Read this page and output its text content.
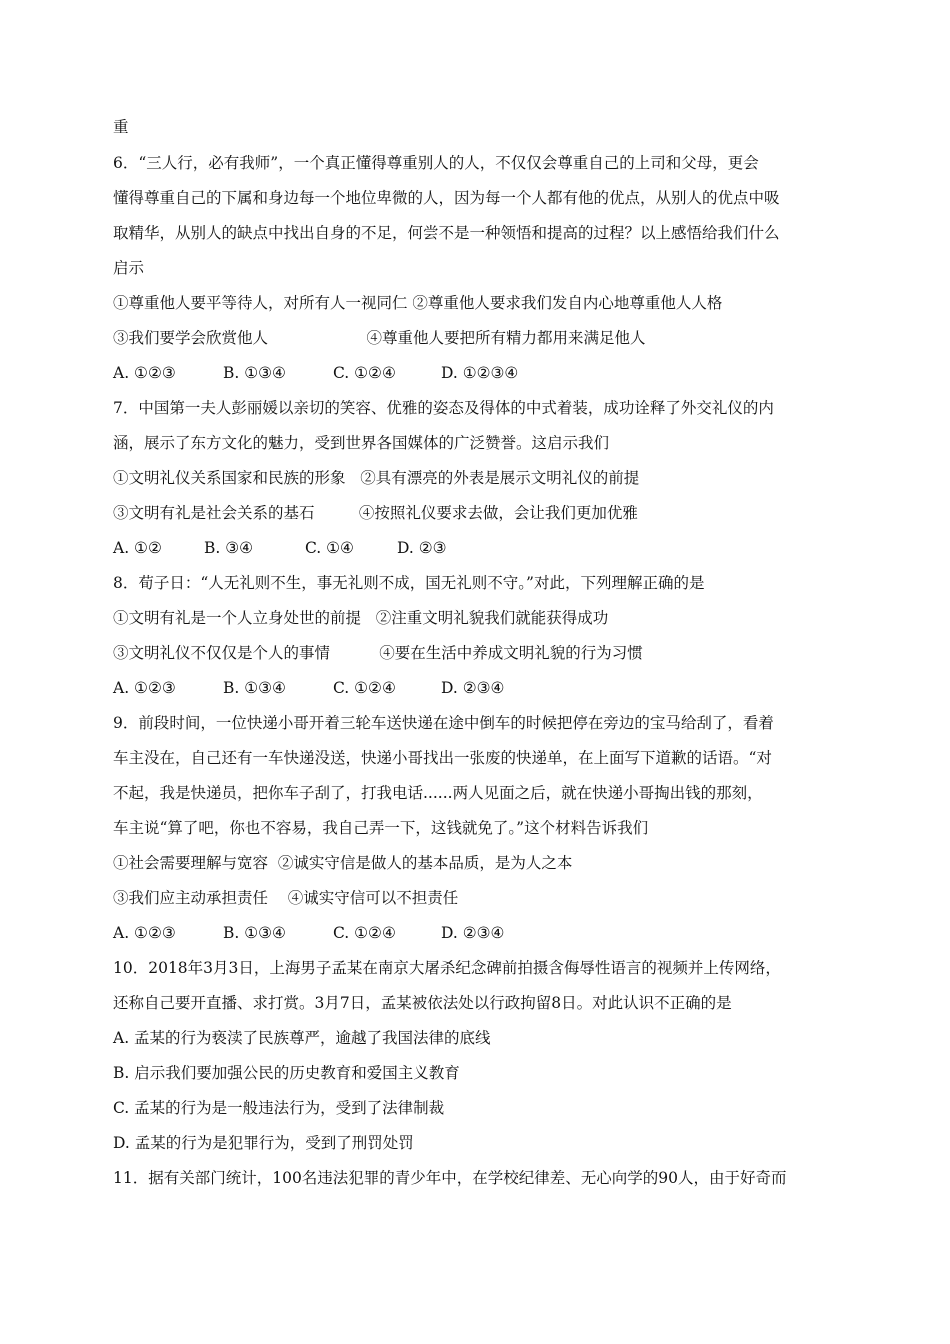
重

6．“三人行，必有我师”，一个真正懂得尊重别人的人，不仅仅会尊重自己的上司和父母，更会

懂得尊重自己的下属和身边每一个地位卑微的人，因为每一个人都有他的优点，从别人的优点中吸

取精华，从别人的缺点中找出自身的不足，何尝不是一种领悟和提高的过程？以上感悟给我们什么

启示

①尊重他人要平等待人，对所有人一视同仁 ②尊重他人要求我们发自内心地尊重他人人格

③我们要学会欣赏他人                    ④尊重他人要把所有精力都用来满足他人

A. ①②③	B. ①③④	C. ①②④	D. ①②③④

7．中国第一夫人彭丽媛以亲切的笑容、优雅的姿态及得体的中式着装，成功诠释了外交礼仪的内

涵，展示了东方文化的魅力，受到世界各国媒体的广泛赞誉。这启示我们

①文明礼仪关系国家和民族的形象   ②具有漂亮的外表是展示文明礼仪的前提

③文明有礼是社会关系的基石         ④按照礼仪要求去做，会让我们更加优雅

A. ①②	B. ③④	C. ①④	D. ②③

8．荀子日：“人无礼则不生，事无礼则不成，国无礼则不守。”对此，下列理解正确的是

①文明有礼是一个人立身处世的前提   ②注重文明礼貌我们就能获得成功

③文明礼仪不仅仅是个人的事情          ④要在生活中养成文明礼貌的行为习惯

A. ①②③	B. ①③④	C. ①②④	D. ②③④

9．前段时间，一位快递小哥开着三轮车送快递在途中倒车的时候把停在旁边的宝马给刮了，看着

车主没在，自己还有一车快递没送，快递小哥找出一张废的快递单，在上面写下道歉的话语。“对

不起，我是快递员，把你车子刮了，打我电话......两人见面之后，就在快递小哥掏出钱的那刻，

车主说“算了吧，你也不容易，我自己弄一下，这钱就免了。”这个材料告诉我们

①社会需要理解与宽容  ②诚实守信是做人的基本品质，是为人之本

③我们应主动承担责任    ④诚实守信可以不担责任

A. ①②③	B. ①③④	C. ①②④	D. ②③④

10．2018年3月3日，上海男子孟某在南京大屠杀纪念碑前拍摄含侮辱性语言的视频并上传网络，

还称自己要开直播、求打赏。3月7日，孟某被依法处以行政拘留8日。对此认识不正确的是

A. 孟某的行为亵渎了民族尊严，逾越了我国法律的底线

B. 启示我们要加强公民的历史教育和爱国主义教育

C. 孟某的行为是一般违法行为，受到了法律制裁

D. 孟某的行为是犯罪行为，受到了刑罚处罚

11．据有关部门统计，100名违法犯罪的青少年中，在学校纪律差、无心向学的90人，由于好奇而
